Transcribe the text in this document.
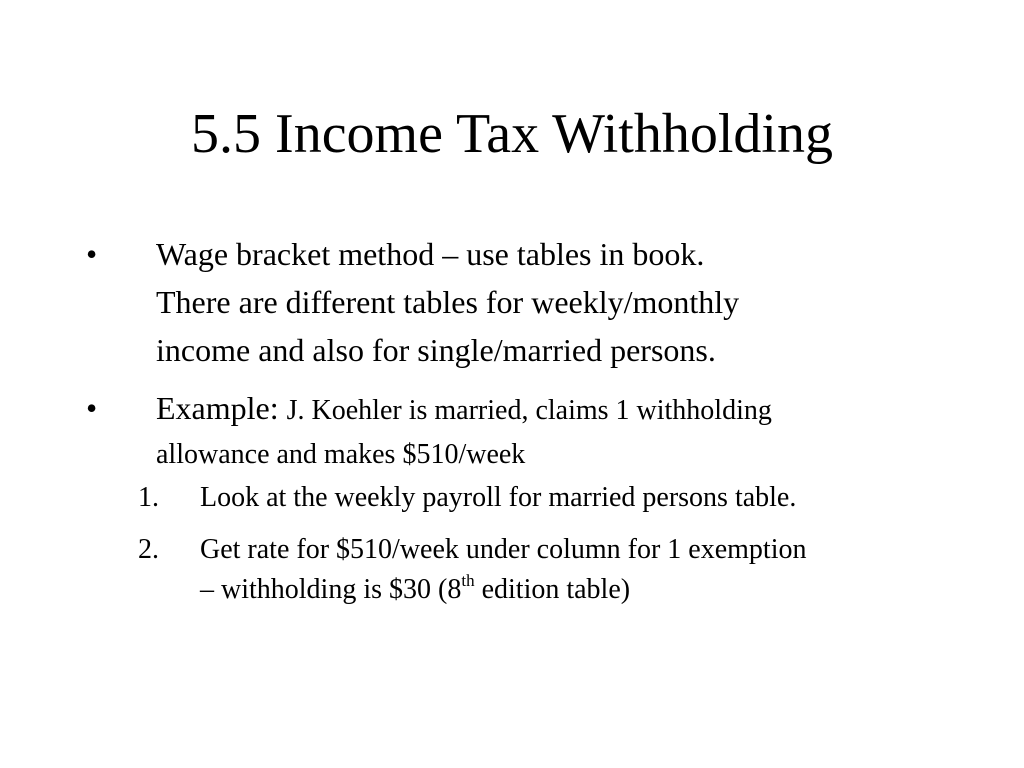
5.5 Income Tax Withholding
•	Wage bracket method – use tables in book.
There are different tables for weekly/monthly
income and also for single/married persons.
•	Example: J. Koehler is married, claims 1 withholding
allowance and makes $510/week
1.	Look at the weekly payroll for married persons table.
2.	Get rate for $510/week under column for 1 exemption
– withholding is $30 (8th edition table)
